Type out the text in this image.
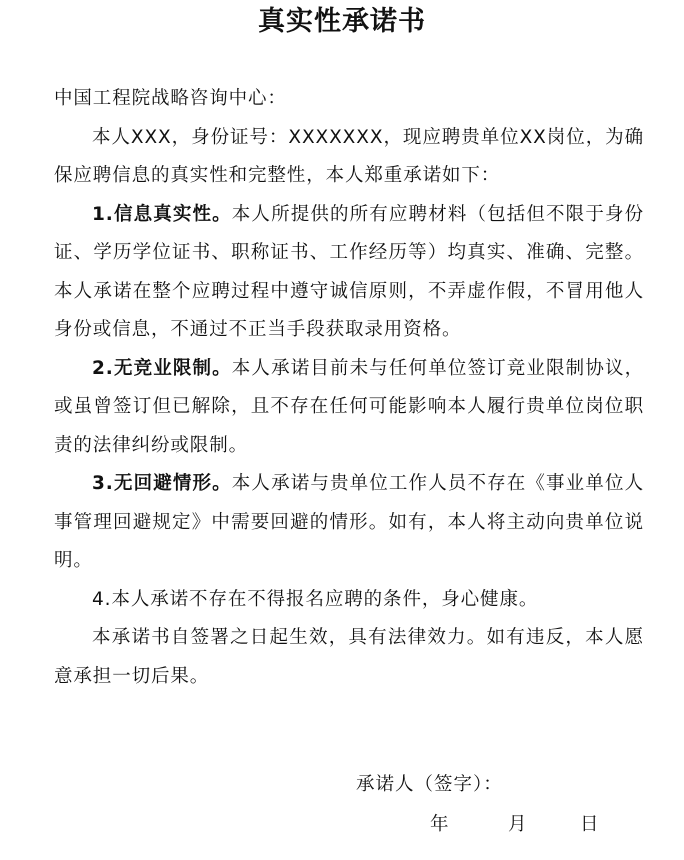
真实性承诺书

中国工程院战略咨询中心：

本人XXX，身份证号：XXXXXXX，现应聘贵单位XX岗位，为确保应聘信息的真实性和完整性，本人郑重承诺如下：

1.信息真实性。本人所提供的所有应聘材料（包括但不限于身份证、学历学位证书、职称证书、工作经历等）均真实、准确、完整。本人承诺在整个应聘过程中遵守诚信原则，不弄虚作假，不冒用他人身份或信息，不通过不正当手段获取录用资格。

2.无竞业限制。本人承诺目前未与任何单位签订竞业限制协议，或虽曾签订但已解除，且不存在任何可能影响本人履行贵单位岗位职责的法律纠纷或限制。

3.无回避情形。本人承诺与贵单位工作人员不存在《事业单位人事管理回避规定》中需要回避的情形。如有，本人将主动向贵单位说明。

4.本人承诺不存在不得报名应聘的条件，身心健康。

本承诺书自签署之日起生效，具有法律效力。如有违反，本人愿意承担一切后果。

承诺人（签字）：
年	月	日
